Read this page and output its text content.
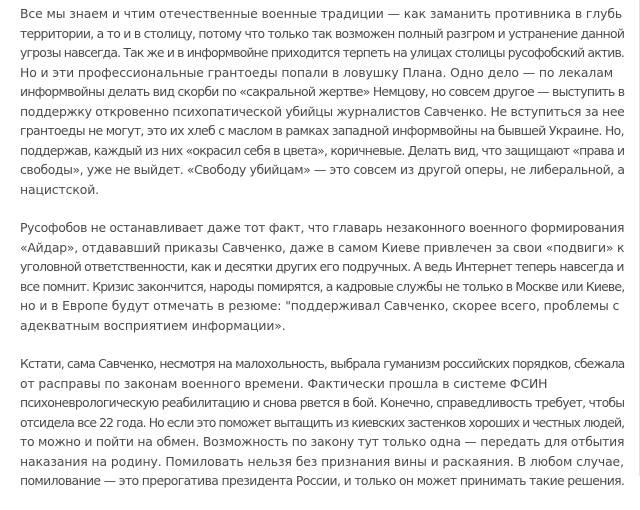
Все мы знаем и чтим отечественные военные традиции — как заманить противника в глубь
территории, а то и в столицу, потому что только так возможен полный разгром и устранение данной
угрозы навсегда. Так же и в информвойне приходится терпеть на улицах столицы русофобский актив.
Но и эти профессиональные грантоеды попали в ловушку Плана. Одно дело — по лекалам
информвойны делать вид скорби по «сакральной жертве» Немцову, но совсем другое — выступить в
поддержку откровенно психопатической убийцы журналистов Савченко. Не вступиться за нее
грантоеды не могут, это их хлеб с маслом в рамках западной информвойны на бывшей Украине. Но,
поддержав, каждый из них «окрасил себя в цвета», коричневые. Делать вид, что защищают «права и
свободы», уже не выйдет. «Свободу убийцам» — это совсем из другой оперы, не либеральной, а
нацистской.

Русофобов не останавливает даже тот факт, что главарь незаконного военного формирования
«Айдар», отдававший приказы Савченко, даже в самом Киеве привлечен за свои «подвиги» к
уголовной ответственности, как и десятки других его подручных. А ведь Интернет теперь навсегда и
все помнит. Кризис закончится, народы помирятся, а кадровые службы не только в Москве или Киеве,
но и в Европе будут отмечать в резюме: "поддерживал Савченко, скорее всего, проблемы с
адекватным восприятием информации».

Кстати, сама Савченко, несмотря на малохольность, выбрала гуманизм российских порядков, сбежала
от расправы по законам военного времени. Фактически прошла в системе ФСИН
психоневрологическую реабилитацию и снова рвется в бой. Конечно, справедливость требует, чтобы
отсидела все 22 года. Но если это поможет вытащить из киевских застенков хороших и честных людей,
то можно и пойти на обмен. Возможность по закону тут только одна — передать для отбытия
наказания на родину. Помиловать нельзя без признания вины и раскаяния. В любом случае,
помилование — это прерогатива президента России, и только он может принимать такие решения.
